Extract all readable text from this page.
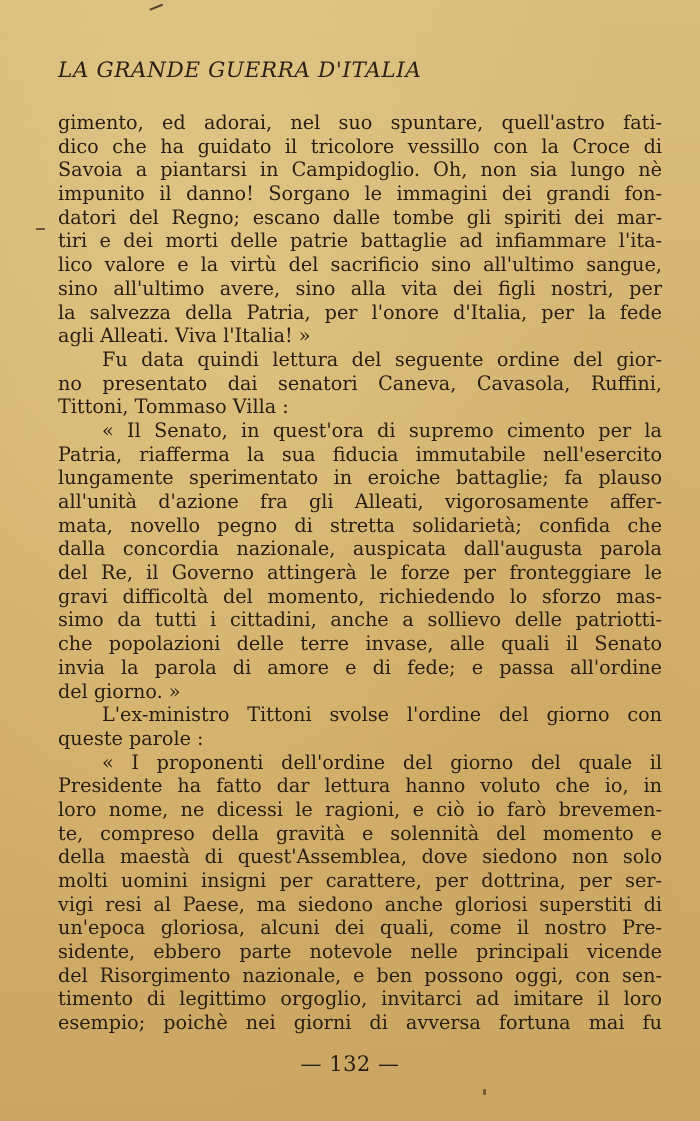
LA GRANDE GUERRA D'ITALIA
gimento, ed adorai, nel suo spuntare, quell'astro fati-
dico che ha guidato il tricolore vessillo con la Croce di
Savoia a piantarsi in Campidoglio. Oh, non sia lungo nè
impunito il danno! Sorgano le immagini dei grandi fon-
datori del Regno; escano dalle tombe gli spiriti dei mar-
tiri e dei morti delle patrie battaglie ad infiammare l'ita-
lico valore e la virtù del sacrificio sino all'ultimo sangue,
sino all'ultimo avere, sino alla vita dei figli nostri, per
la salvezza della Patria, per l'onore d'Italia, per la fede
agli Alleati. Viva l'Italia! »
Fu data quindi lettura del seguente ordine del gior-
no presentato dai senatori Caneva, Cavasola, Ruffini,
Tittoni, Tommaso Villa :
« Il Senato, in quest'ora di supremo cimento per la
Patria, riafferma la sua fiducia immutabile nell'esercito
lungamente sperimentato in eroiche battaglie; fa plauso
all'unità d'azione fra gli Alleati, vigorosamente affer-
mata, novello pegno di stretta solidarietà; confida che
dalla concordia nazionale, auspicata dall'augusta parola
del Re, il Governo attingerà le forze per fronteggiare le
gravi difficoltà del momento, richiedendo lo sforzo mas-
simo da tutti i cittadini, anche a sollievo delle patriotti-
che popolazioni delle terre invase, alle quali il Senato
invia la parola di amore e di fede; e passa all'ordine
del giorno. »
L'ex-ministro Tittoni svolse l'ordine del giorno con
queste parole :
« I proponenti dell'ordine del giorno del quale il
Presidente ha fatto dar lettura hanno voluto che io, in
loro nome, ne dicessi le ragioni, e ciò io farò brevemen-
te, compreso della gravità e solennità del momento e
della maestà di quest'Assemblea, dove siedono non solo
molti uomini insigni per carattere, per dottrina, per ser-
vigi resi al Paese, ma siedono anche gloriosi superstiti di
un'epoca gloriosa, alcuni dei quali, come il nostro Pre-
sidente, ebbero parte notevole nelle principali vicende
del Risorgimento nazionale, e ben possono oggi, con sen-
timento di legittimo orgoglio, invitarci ad imitare il loro
esempio; poichè nei giorni di avversa fortuna mai fu
— 132 —
